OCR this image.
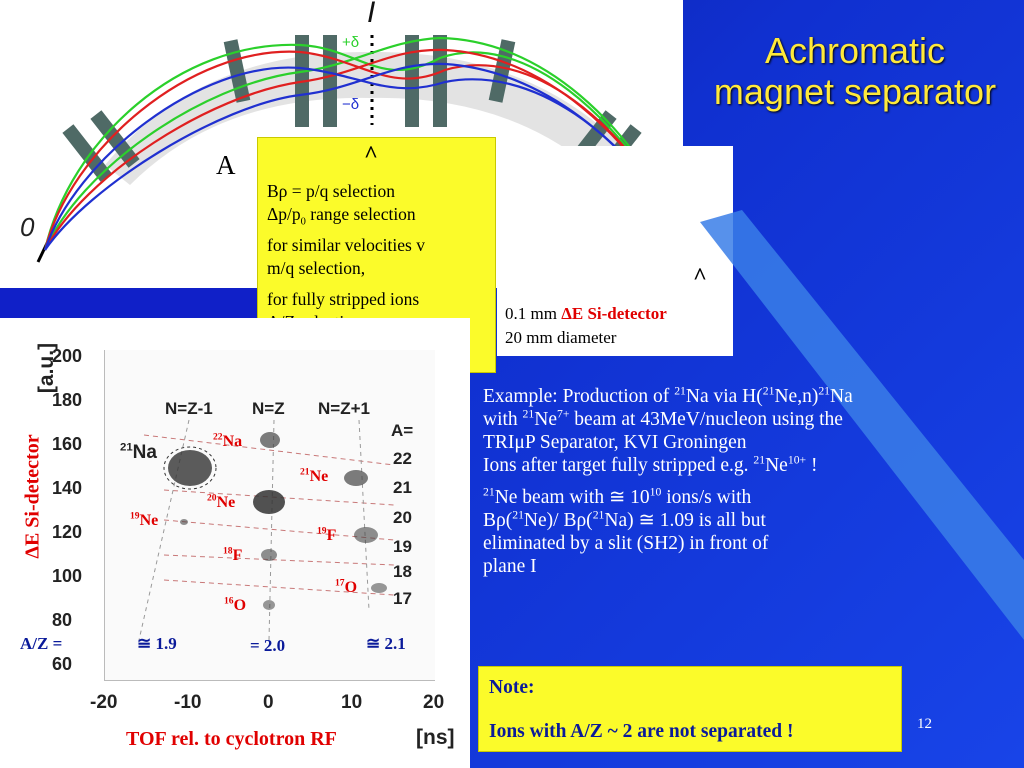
I
+δ
−δ
A
0
Achromatic
magnet separator
^
0.1 mm ΔE Si-detector
20 mm diameter
^
Bρ = p/q selection
$\Delta p/p_0$ range selection
for similar velocities v
m/q selection,
for fully stripped ions
Example: Production of $^{21}$Na via $H(^{21}Ne,n)^{21}Na$
with $^{21}Ne^{7+}$ beam at 43MeV/nucleon using the
TRIμP Separator, KVI Groningen
Ions after target fully stripped e.g. $^{21}Ne^{10+}$ !
$^{21}$Ne beam with ≅ $10^{10}$ ions/s with
Bρ($^{21}$Ne)/ Bρ($^{21}$Na) ≅ 1.09 is all but
eliminated by a slit (SH2) in front of
plane I
Note:
Ions with A/Z ~ 2 are not separated !	12
ΔE Si-detector
[a.u.]
200
180
160
140
120
100
80
60
-20	-10	0	10	20
N=Z-1 N=Z N=Z+1
A=
22
21
20
19
18
17
$^{21}$Na
$^{22}$Na
$^{21}$Ne
$^{20}$Ne
$^{19}$Ne
$^{19}$F
$^{18}$F
$^{17}$O
$^{16}$O
A/Z =	≅ 1.9	= 2.0	≅ 2.1
TOF rel. to cyclotron RF	[ns]
